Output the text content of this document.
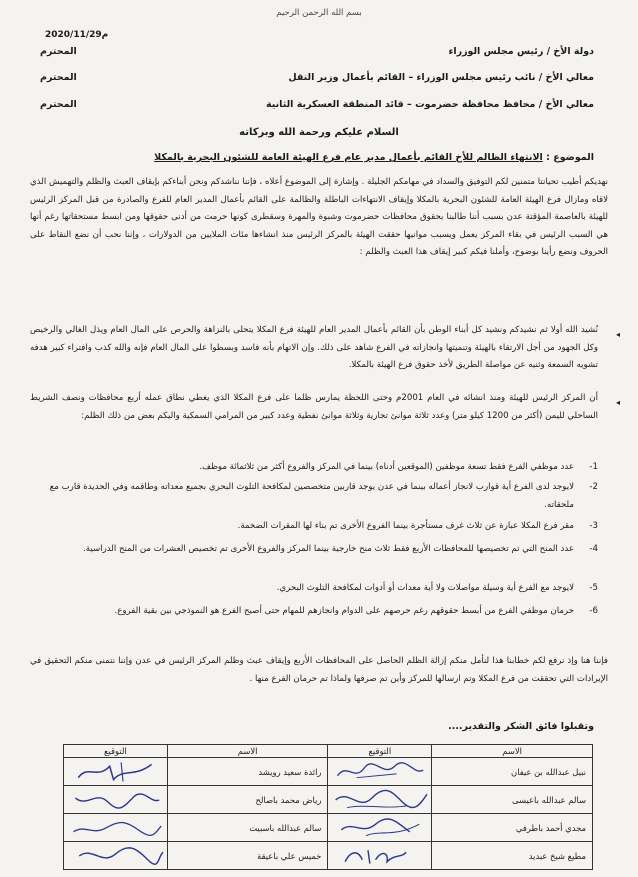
بسم الله الرحمن الرحيم
2020/11/29م
دولة الأخ / رئيس مجلس الوزراء
المحترم
معالي الأخ / نائب رئيس مجلس الوزراء – القائم بأعمال وزير النقل
المحترم
معالي الأخ / محافظ محافظة حضرموت – قائد المنطقة العسكرية الثانية
المحترم
السلام عليكم ورحمة الله وبركاته
الموضوع : الانتهاء الظالم للأخ القائم بأعمال مدير عام فرع الهيئة العامة للشئون البحرية بالمكلا
نهديكم أطيب تحيانتا متمنين لكم التوفيق والسداد في مهامكم الجليلة . وإشارة إلى الموضوع أعلاه ، فإننا نناشدكم ونحن أبناءكم بإيقاف العبث والظلم والتهميش الذي لاقاه ومازال فرع الهيئة العامة للشئون البحرية بالمكلا وإيقاف الانتهاءات الباطلة والظالمة على القائم بأعمال المدير العام للفرع والصادرة من قبل المركز الرئيس للهيئة بالعاصمة المؤقتة عدن بسبب أننا طالبنا بحقوق محافظات حضرموت وشبوة والمهرة وسقطرى كونها حرمت من أدنى حقوقها ومن ابسط مستحقاتها رغم أنها هي السبب الرئيس في بقاء المركز يعمل ويسبب موانيها حققت الهيئة بالمركز الرئيس منذ انشاءها مئات الملايين من الدولارات ، وإننا نحب أن نضع النقاط على الحروف ونضع رأينا بوضوح، وأملنا فيكم كبير إيقاف هذا العبث والظلم :
◂
نُشيد الله أولا ثم نشيدكم ونشيد كل أبناء الوطن بأن القائم بأعمال المدير العام للهيئة فرع المكلا يتحلى بالنزاهة والحرص على المال العام ويذل الغالي والرخيص وكل الجهود من أجل الارتقاء بالهيئة وتنميتها وانجازاته في الفرع شاهد على ذلك. وإن الاتهام بأنه فاسد وبسطوا على المال العام فإنه والله كذب وافتراء كبير هدفه تشويه السمعة وثنيه عن مواصلة الطريق لأخذ حقوق فرع الهيئة بالمكلا.
◂
أن المركز الرئيس للهيئة ومنذ انشائه في العام 2001م وحتى اللحظة يمارس ظلما على فرع المكلا الذي يغطي نطاق عمله أربع محافظات ونصف الشريط الساحلي لليمن (أكثر من 1200 كيلو متر) وعدد ثلاثة موانئ تجارية وثلاثة موانئ نفطية وعدد كبير من المرامي السمكية واليكم بعض من ذلك الظلم:
1-
عدد موظفي الفرع فقط تسعة موظفين (الموقعين أدناه) بينما في المركز والفروع أكثر من ثلاثمائة موظف.
2-
لايوجد لدى الفرع أية قوارب لانجاز أعماله بينما في عدن يوجد قاربين متخصصين لمكافحة التلوث البحري بجميع معداته وطاقمه وفي الحديدة قارب مع ملحقاته.
3-
مقر فرع المكلا عبارة عن ثلاث غرف مستأجرة بينما الفروع الأخرى تم بناء لها المقرات الضخمة.
4-
عدد المنح التي تم تخصيصها للمحافظات الأربع فقط ثلاث منح خارجية بينما المركز والفروع الأخرى تم تخصيص العشرات من المنح الدراسية.
5-
لايوجد مع الفرع أية وسيلة مواصلات ولا أية معدات أو أدوات لمكافحة التلوث البحري.
6-
حرمان موظفي الفرع من أبسط حقوقهم رغم حرصهم على الدوام وانجازهم للمهام حتى أصبح الفرع هو النموذجي بين بقية الفروع.
فإننا هنا وإذ نرفع لكم خطابنا هذا لنأمل منكم إزالة الظلم الحاصل على المحافظات الأربع وإيقاف عبث وظلم المركز الرئيس في عدن وإننا نتمنى منكم التحقيق في الإيرادات التي تحققت من فرع المكلا وتم ارسالها للمركز وأين تم صرفها ولماذا تم حرمان الفرع منها .
وتقبلوا فائق الشكر والتقدير....
الاسم	التوقيع	الاسم	التوقيع
نبيل عبدالله بن عيفان		رائدة سعيد رويشد	

سالم عبدالله باعيسى		رياض محمد باصالح	

مجدي أحمد باطرفي		سالم عبدالله باسبيت	

مطيع شيخ عبديد		خميس علي باعيقة	
